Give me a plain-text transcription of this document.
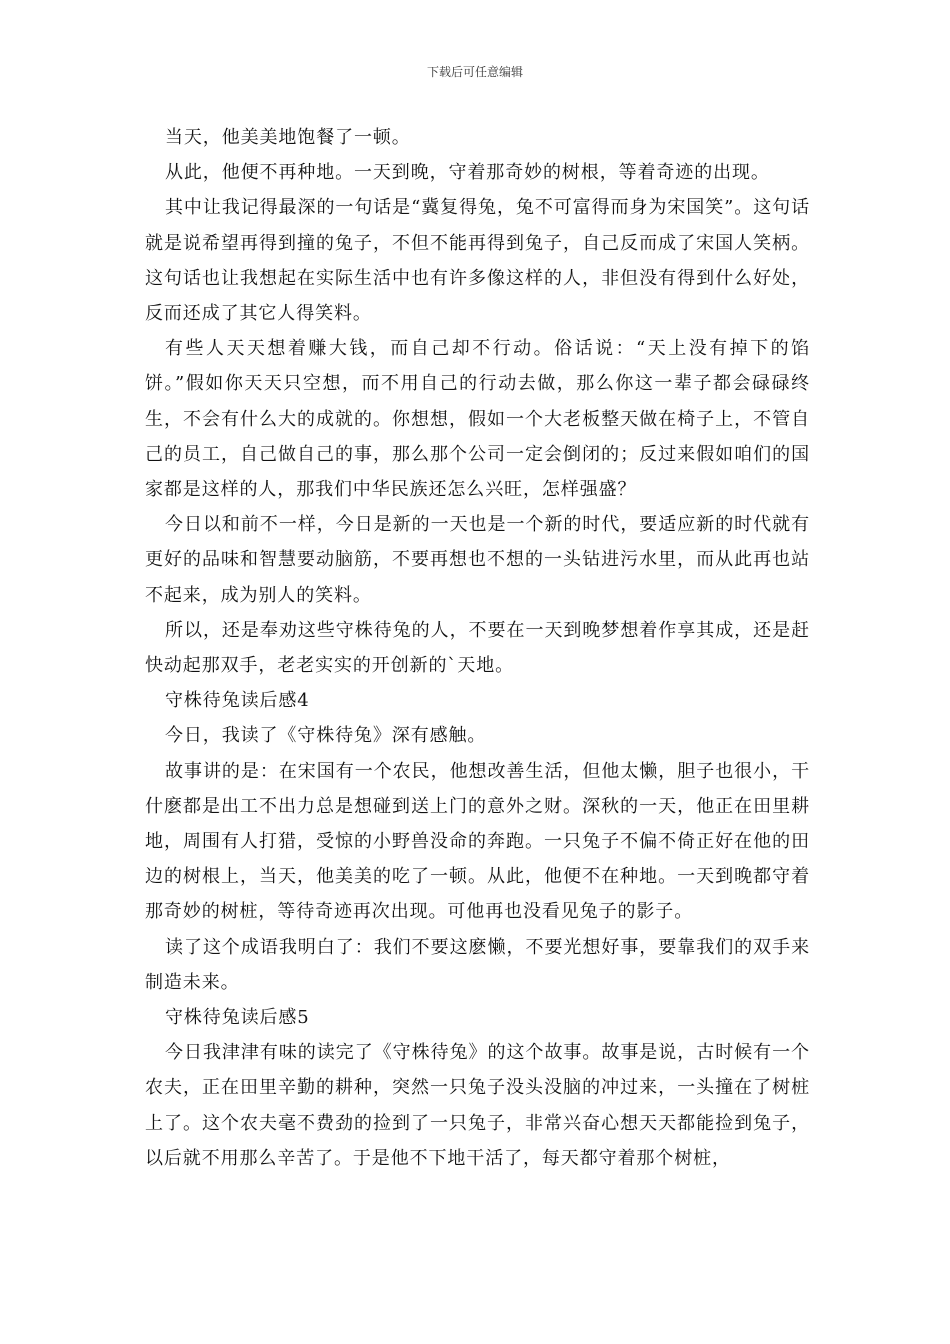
下载后可任意编辑

当天，他美美地饱餐了一顿。

从此，他便不再种地。一天到晚，守着那奇妙的树根，等着奇迹的出现。

其中让我记得最深的一句话是“冀复得兔，兔不可富得而身为宋国笑”。这句话就是说希望再得到撞的兔子，不但不能再得到兔子，自己反而成了宋国人笑柄。这句话也让我想起在实际生活中也有许多像这样的人，非但没有得到什么好处，反而还成了其它人得笑料。

有些人天天想着赚大钱，而自己却不行动。俗话说：“天上没有掉下的馅饼。”假如你天天只空想，而不用自己的行动去做，那么你这一辈子都会碌碌终生，不会有什么大的成就的。你想想，假如一个大老板整天做在椅子上，不管自己的员工，自己做自己的事，那么那个公司一定会倒闭的；反过来假如咱们的国家都是这样的人，那我们中华民族还怎么兴旺，怎样强盛？

今日以和前不一样，今日是新的一天也是一个新的时代，要适应新的时代就有更好的品味和智慧要动脑筋，不要再想也不想的一头钻进污水里，而从此再也站不起来，成为别人的笑料。

所以，还是奉劝这些守株待兔的人，不要在一天到晚梦想着作享其成，还是赶快动起那双手，老老实实的开创新的`天地。

守株待兔读后感4

今日，我读了《守株待兔》深有感触。

故事讲的是：在宋国有一个农民，他想改善生活，但他太懒，胆子也很小，干什麽都是出工不出力总是想碰到送上门的意外之财。深秋的一天，他正在田里耕地，周围有人打猎，受惊的小野兽没命的奔跑。一只兔子不偏不倚正好在他的田边的树根上，当天，他美美的吃了一顿。从此，他便不在种地。一天到晚都守着那奇妙的树桩，等待奇迹再次出现。可他再也没看见兔子的影子。

读了这个成语我明白了：我们不要这麽懒，不要光想好事，要靠我们的双手来制造未来。

守株待兔读后感5

今日我津津有味的读完了《守株待兔》的这个故事。故事是说，古时候有一个农夫，正在田里辛勤的耕种，突然一只兔子没头没脑的冲过来，一头撞在了树桩上了。这个农夫毫不费劲的捡到了一只兔子，非常兴奋心想天天都能捡到兔子，以后就不用那么辛苦了。于是他不下地干活了，每天都守着那个树桩，
